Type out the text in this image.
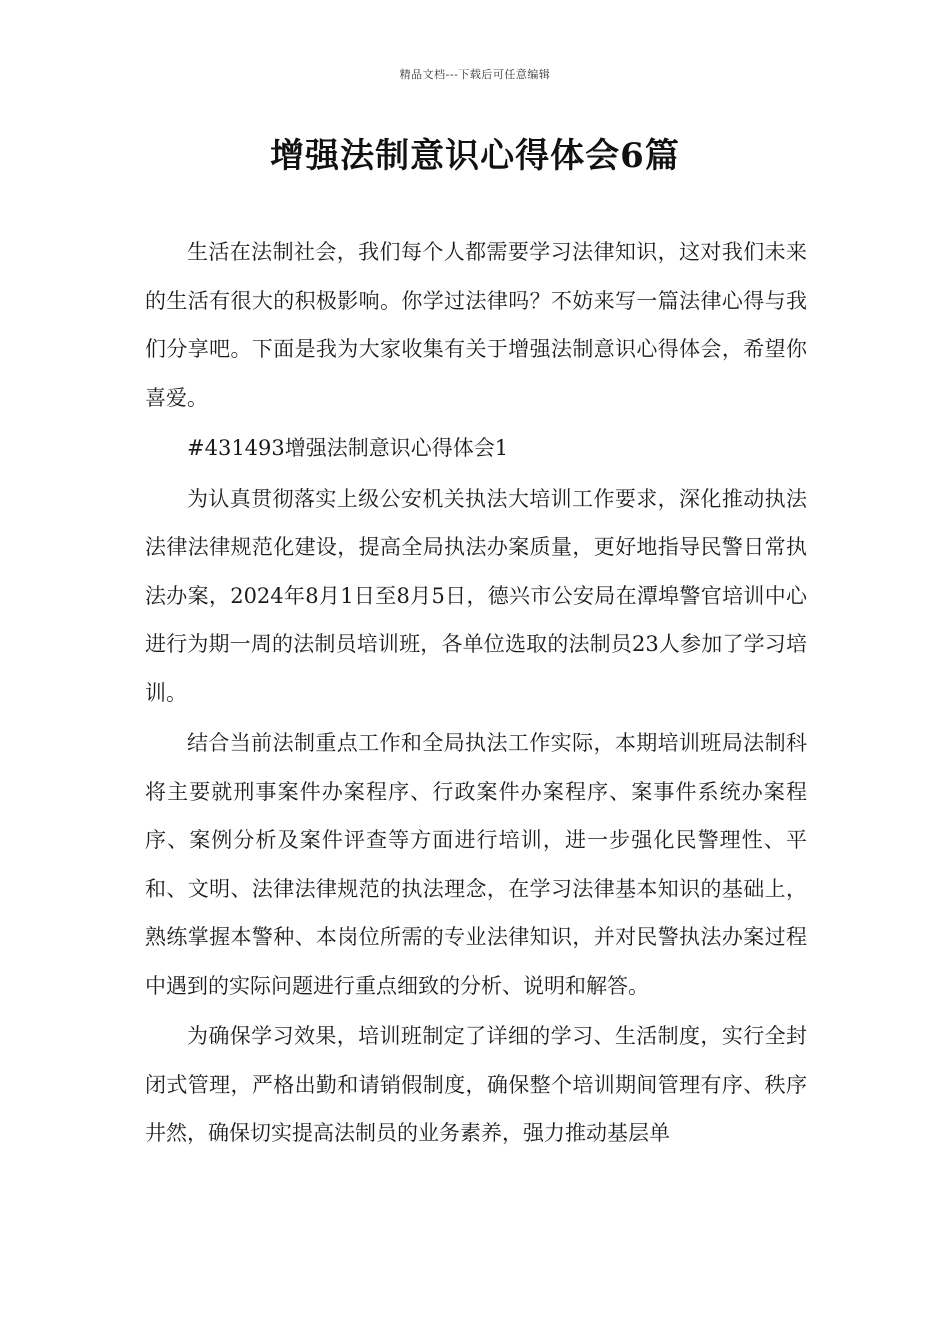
精品文档---下载后可任意编辑
增强法制意识心得体会6篇

生活在法制社会，我们每个人都需要学习法律知识，这对我们未来的生活有很大的积极影响。你学过法律吗？不妨来写一篇法律心得与我们分享吧。下面是我为大家收集有关于增强法制意识心得体会，希望你喜爱。

#431493增强法制意识心得体会1

为认真贯彻落实上级公安机关执法大培训工作要求，深化推动执法法律法律规范化建设，提高全局执法办案质量，更好地指导民警日常执法办案，2024年8月1日至8月5日，德兴市公安局在潭埠警官培训中心进行为期一周的法制员培训班，各单位选取的法制员23人参加了学习培训。

结合当前法制重点工作和全局执法工作实际，本期培训班局法制科将主要就刑事案件办案程序、行政案件办案程序、案事件系统办案程序、案例分析及案件评查等方面进行培训，进一步强化民警理性、平和、文明、法律法律规范的执法理念，在学习法律基本知识的基础上，熟练掌握本警种、本岗位所需的专业法律知识，并对民警执法办案过程中遇到的实际问题进行重点细致的分析、说明和解答。

为确保学习效果，培训班制定了详细的学习、生活制度，实行全封闭式管理，严格出勤和请销假制度，确保整个培训期间管理有序、秩序井然，确保切实提高法制员的业务素养，强力推动基层单
